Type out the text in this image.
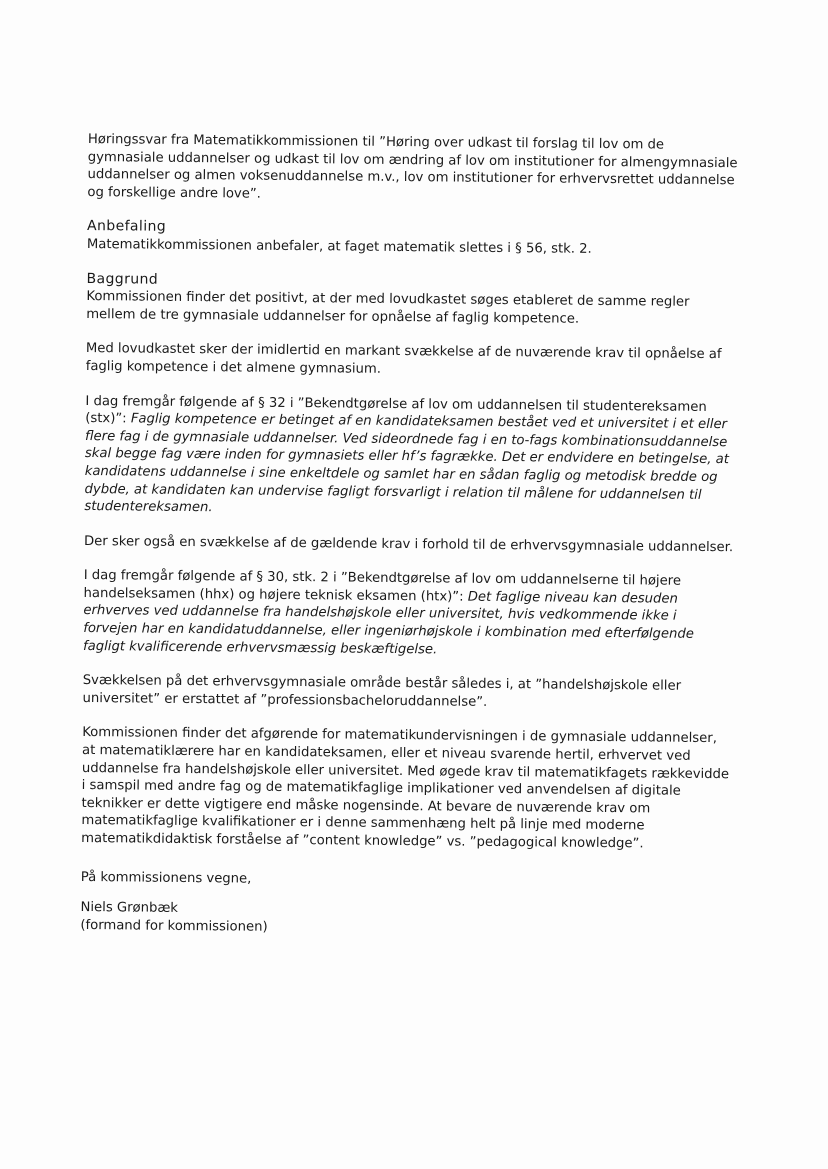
Høringssvar fra Matematikkommissionen til ”Høring over udkast til forslag til lov om de gymnasiale uddannelser og udkast til lov om ændring af lov om institutioner for almengymnasiale uddannelser og almen voksenuddannelse m.v., lov om institutioner for erhvervsrettet uddannelse og forskellige andre love”.

Anbefaling

Matematikkommissionen anbefaler, at faget matematik slettes i § 56, stk. 2.

Baggrund

Kommissionen finder det positivt, at der med lovudkastet søges etableret de samme regler mellem de tre gymnasiale uddannelser for opnåelse af faglig kompetence.

Med lovudkastet sker der imidlertid en markant svækkelse af de nuværende krav til opnåelse af faglig kompetence i det almene gymnasium.

I dag fremgår følgende af § 32 i ”Bekendtgørelse af lov om uddannelsen til studentereksamen (stx)”: Faglig kompetence er betinget af en kandidateksamen bestået ved et universitet i et eller flere fag i de gymnasiale uddannelser. Ved sideordnede fag i en to-fags kombinationsuddannelse skal begge fag være inden for gymnasiets eller hf’s fagrække. Det er endvidere en betingelse, at kandidatens uddannelse i sine enkeltdele og samlet har en sådan faglig og metodisk bredde og dybde, at kandidaten kan undervise fagligt forsvarligt i relation til målene for uddannelsen til studentereksamen.

Der sker også en svækkelse af de gældende krav i forhold til de erhvervsgymnasiale uddannelser.

I dag fremgår følgende af § 30, stk. 2 i ”Bekendtgørelse af lov om uddannelserne til højere handelseksamen (hhx) og højere teknisk eksamen (htx)”: Det faglige niveau kan desuden erhverves ved uddannelse fra handelshøjskole eller universitet, hvis vedkommende ikke i forvejen har en kandidatuddannelse, eller ingeniørhøjskole i kombination med efterfølgende fagligt kvalificerende erhvervsmæssig beskæftigelse.

Svækkelsen på det erhvervsgymnasiale område består således i, at ”handelshøjskole eller universitet” er erstattet af ”professionsbacheloruddannelse”.

Kommissionen finder det afgørende for matematikundervisningen i de gymnasiale uddannelser, at matematiklærere har en kandidateksamen, eller et niveau svarende hertil, erhvervet ved uddannelse fra handelshøjskole eller universitet. Med øgede krav til matematikfagets rækkevidde i samspil med andre fag og de matematikfaglige implikationer ved anvendelsen af digitale teknikker er dette vigtigere end måske nogensinde. At bevare de nuværende krav om matematikfaglige kvalifikationer er i denne sammenhæng helt på linje med moderne matematikdidaktisk forståelse af ”content knowledge” vs. ”pedagogical knowledge”.

På kommissionens vegne,

Niels Grønbæk

(formand for kommissionen)
